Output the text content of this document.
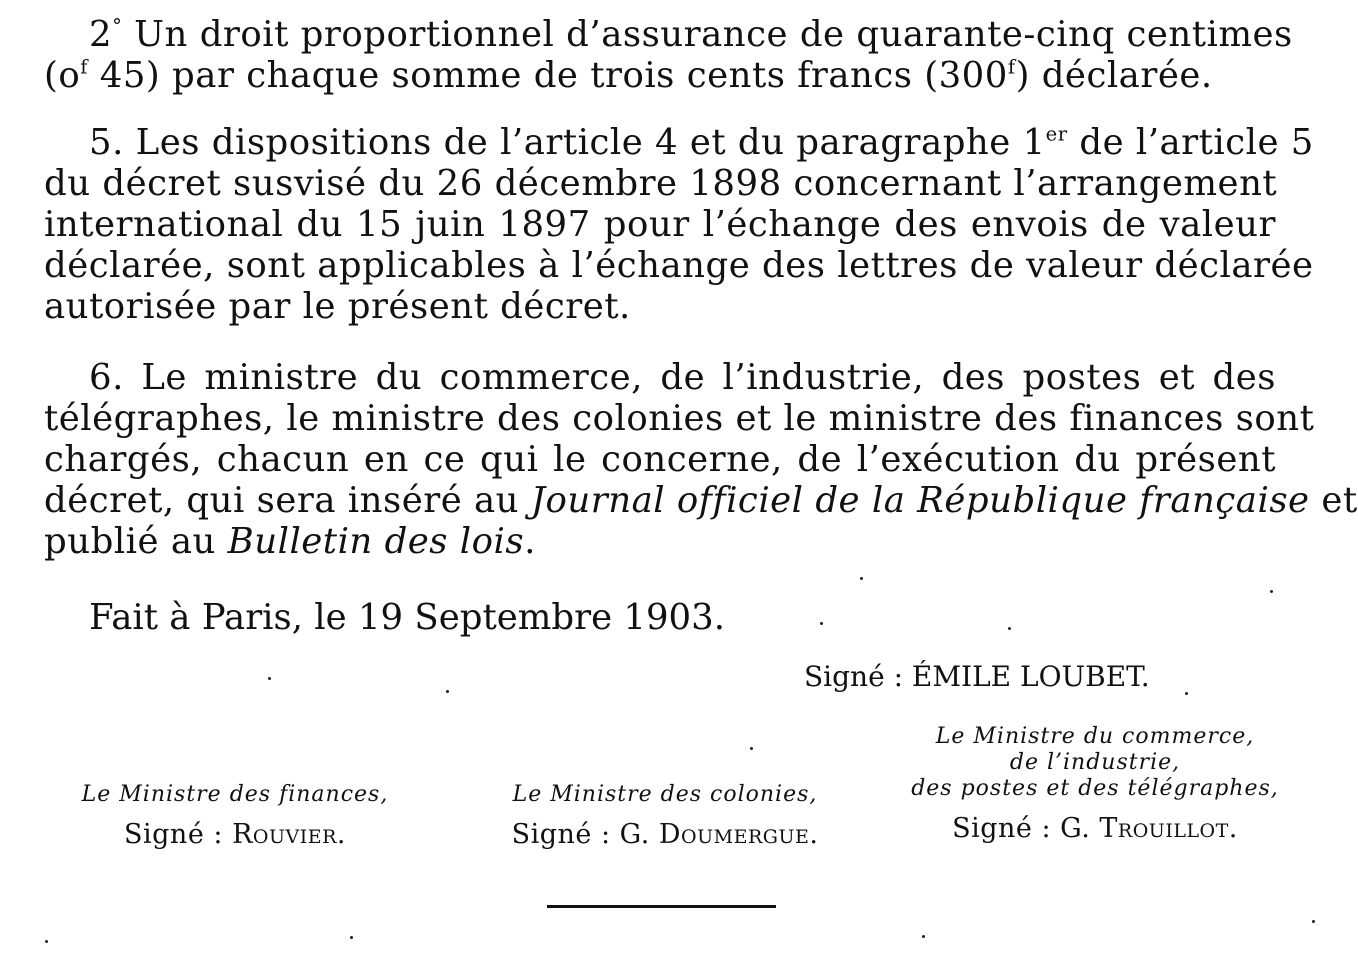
2° Un droit proportionnel d’assurance de quarante-cinq centimes
($o^f$ 45) par chaque somme de trois cents francs (300$^f$) déclarée.

5. Les dispositions de l’article 4 et du paragraphe 1er de l’article 5
du décret susvisé du 26 décembre 1898 concernant l’arrangement
international du 15 juin 1897 pour l’échange des envois de valeur
déclarée, sont applicables à l’échange des lettres de valeur déclarée
autorisée par le présent décret.

6. Le ministre du commerce, de l’industrie, des postes et des
télégraphes, le ministre des colonies et le ministre des finances sont
chargés, chacun en ce qui le concerne, de l’exécution du présent
décret, qui sera inséré au Journal officiel de la République française et
publié au Bulletin des lois.

Fait à Paris, le 19 Septembre 1903.
Signé : ÉMILE LOUBET.
Le Ministre des finances,
Signé : Rouvier.
Le Ministre des colonies,
Signé : G. Doumergue.
Le Ministre du commerce,
de l’industrie,
des postes et des télégraphes,
Signé : G. Trouillot.
